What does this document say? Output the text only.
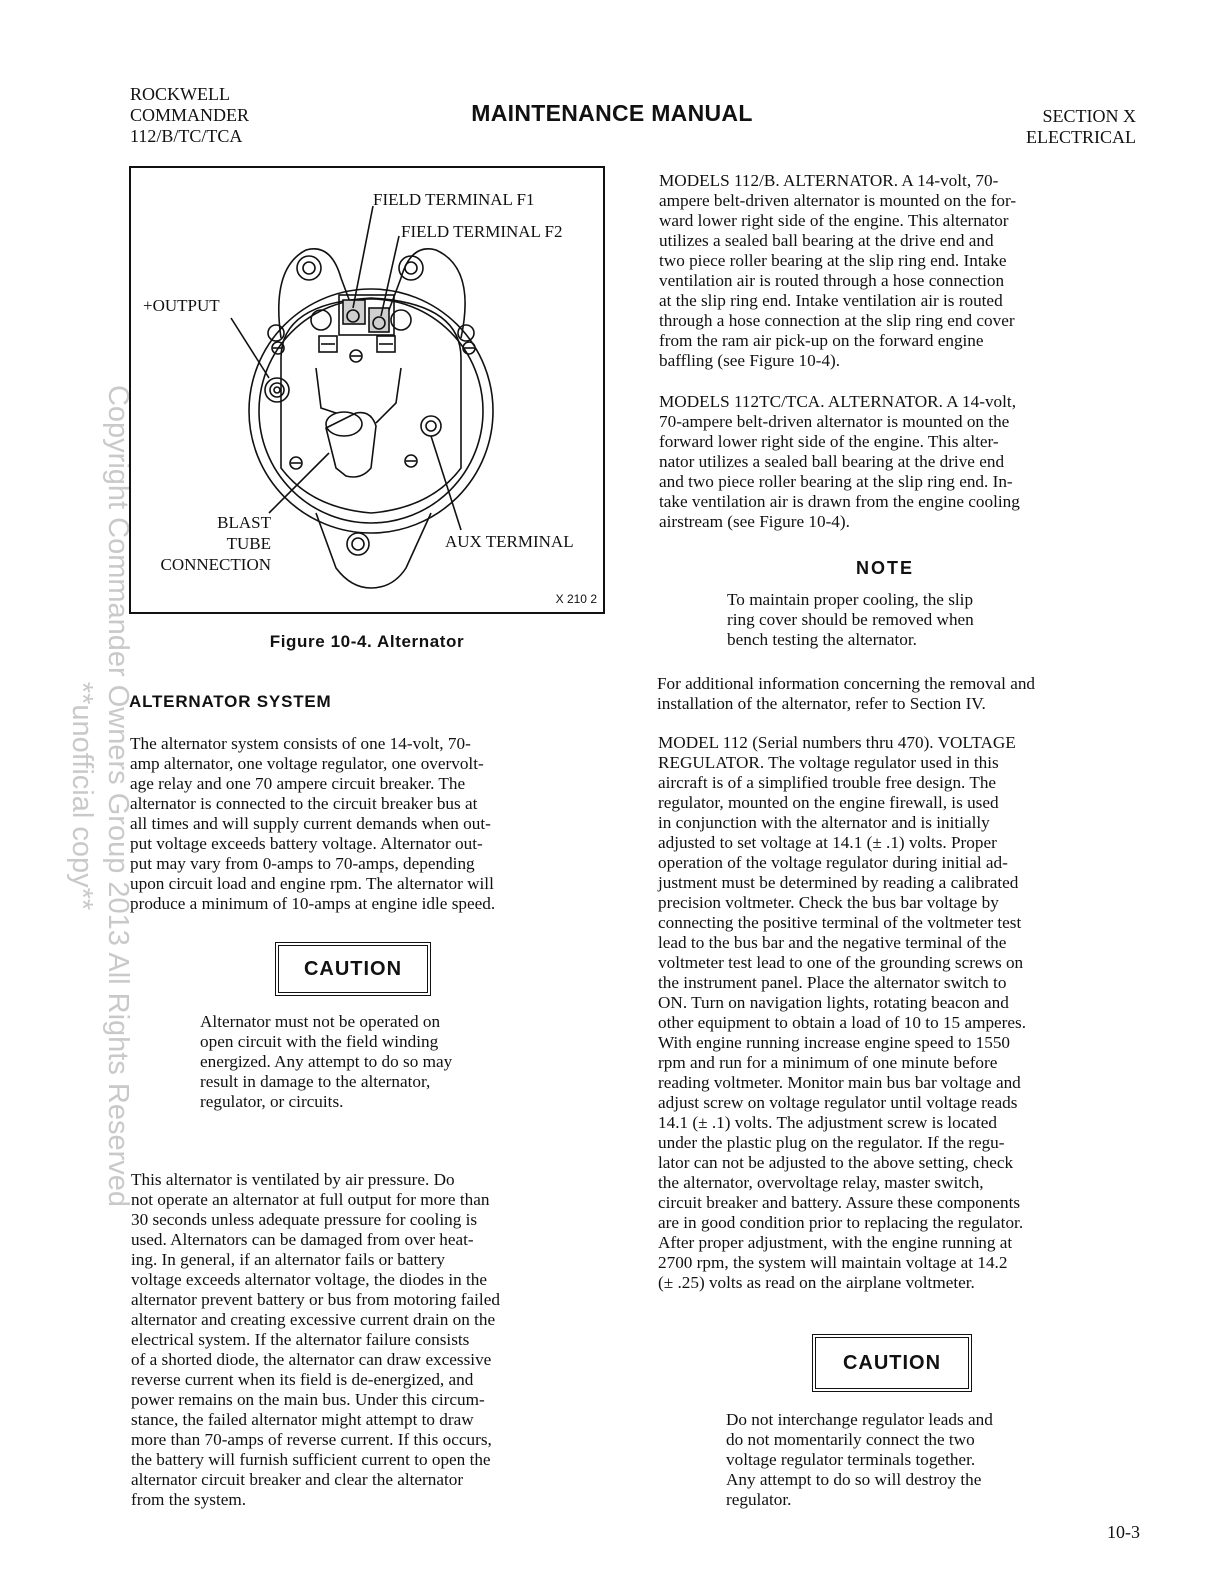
ROCKWELL
COMMANDER
112/B/TC/TCA
MAINTENANCE MANUAL	SECTION X
ELECTRICAL
Copyright Commander Owners Group 2013 All Rights Reserved
**unofficial copy**
FIELD TERMINAL F1
FIELD TERMINAL F2
+OUTPUT
BLAST
TUBE
CONNECTION
AUX TERMINAL
X 210 2
Figure 10-4. Alternator
ALTERNATOR SYSTEM

The alternator system consists of one 14-volt, 70-
amp alternator, one voltage regulator, one overvolt-
age relay and one 70 ampere circuit breaker. The
alternator is connected to the circuit breaker bus at
all times and will supply current demands when out-
put voltage exceeds battery voltage. Alternator out-
put may vary from 0-amps to 70-amps, depending
upon circuit load and engine rpm. The alternator will
produce a minimum of 10-amps at engine idle speed.

CAUTION

Alternator must not be operated on
open circuit with the field winding
energized. Any attempt to do so may
result in damage to the alternator,
regulator, or circuits.

This alternator is ventilated by air pressure. Do
not operate an alternator at full output for more than
30 seconds unless adequate pressure for cooling is
used. Alternators can be damaged from over heat-
ing. In general, if an alternator fails or battery
voltage exceeds alternator voltage, the diodes in the
alternator prevent battery or bus from motoring failed
alternator and creating excessive current drain on the
electrical system. If the alternator failure consists
of a shorted diode, the alternator can draw excessive
reverse current when its field is de-energized, and
power remains on the main bus. Under this circum-
stance, the failed alternator might attempt to draw
more than 70-amps of reverse current. If this occurs,
the battery will furnish sufficient current to open the
alternator circuit breaker and clear the alternator
from the system.

MODELS 112/B. ALTERNATOR. A 14-volt, 70-
ampere belt-driven alternator is mounted on the for-
ward lower right side of the engine. This alternator
utilizes a sealed ball bearing at the drive end and
two piece roller bearing at the slip ring end. Intake
ventilation air is routed through a hose connection
at the slip ring end. Intake ventilation air is routed
through a hose connection at the slip ring end cover
from the ram air pick-up on the forward engine
baffling (see Figure 10-4).

MODELS 112TC/TCA. ALTERNATOR. A 14-volt,
70-ampere belt-driven alternator is mounted on the
forward lower right side of the engine. This alter-
nator utilizes a sealed ball bearing at the drive end
and two piece roller bearing at the slip ring end. In-
take ventilation air is drawn from the engine cooling
airstream (see Figure 10-4).

NOTE

To maintain proper cooling, the slip
ring cover should be removed when
bench testing the alternator.

For additional information concerning the removal and
installation of the alternator, refer to Section IV.

MODEL 112 (Serial numbers thru 470). VOLTAGE
REGULATOR. The voltage regulator used in this
aircraft is of a simplified trouble free design. The
regulator, mounted on the engine firewall, is used
in conjunction with the alternator and is initially
adjusted to set voltage at 14.1 (± .1) volts. Proper
operation of the voltage regulator during initial ad-
justment must be determined by reading a calibrated
precision voltmeter. Check the bus bar voltage by
connecting the positive terminal of the voltmeter test
lead to the bus bar and the negative terminal of the
voltmeter test lead to one of the grounding screws on
the instrument panel. Place the alternator switch to
ON. Turn on navigation lights, rotating beacon and
other equipment to obtain a load of 10 to 15 amperes.
With engine running increase engine speed to 1550
rpm and run for a minimum of one minute before
reading voltmeter. Monitor main bus bar voltage and
adjust screw on voltage regulator until voltage reads
14.1 (± .1) volts. The adjustment screw is located
under the plastic plug on the regulator. If the regu-
lator can not be adjusted to the above setting, check
the alternator, overvoltage relay, master switch,
circuit breaker and battery. Assure these components
are in good condition prior to replacing the regulator.
After proper adjustment, with the engine running at
2700 rpm, the system will maintain voltage at 14.2
(± .25) volts as read on the airplane voltmeter.

CAUTION

Do not interchange regulator leads and
do not momentarily connect the two
voltage regulator terminals together.
Any attempt to do so will destroy the
regulator.

10-3
